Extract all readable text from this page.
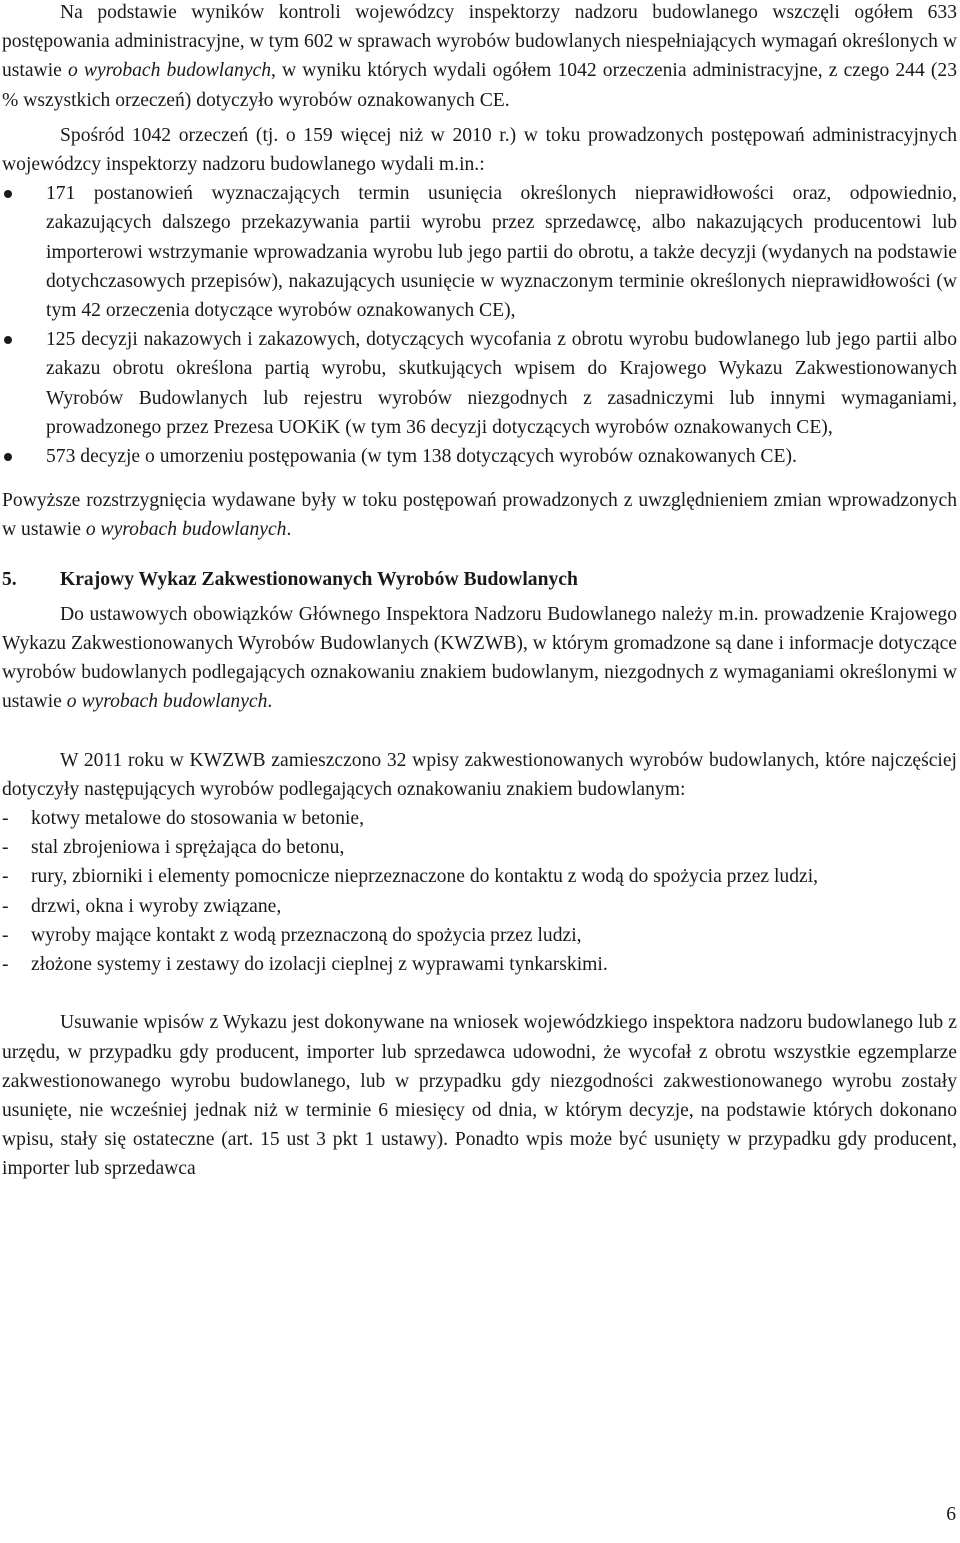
Na podstawie wyników kontroli wojewódzcy inspektorzy nadzoru budowlanego wszczęli ogółem 633 postępowania administracyjne, w tym 602 w sprawach wyrobów budowlanych niespełniających wymagań określonych w ustawie o wyrobach budowlanych, w wyniku których wydali ogółem 1042 orzeczenia administracyjne, z czego 244 (23 % wszystkich orzeczeń) dotyczyło wyrobów oznakowanych CE.

Spośród 1042 orzeczeń (tj. o 159 więcej niż w 2010 r.) w toku prowadzonych postępowań administracyjnych wojewódzcy inspektorzy nadzoru budowlanego wydali m.in.:

171 postanowień wyznaczających termin usunięcia określonych nieprawidłowości oraz, odpowiednio, zakazujących dalszego przekazywania partii wyrobu przez sprzedawcę, albo nakazujących producentowi lub importerowi wstrzymanie wprowadzania wyrobu lub jego partii do obrotu, a także decyzji (wydanych na podstawie dotychczasowych przepisów), nakazujących usunięcie w wyznaczonym terminie określonych nieprawidłowości (w tym 42 orzeczenia dotyczące wyrobów oznakowanych CE),
125 decyzji nakazowych i zakazowych, dotyczących wycofania z obrotu wyrobu budowlanego lub jego partii albo zakazu obrotu określona partią wyrobu, skutkujących wpisem do Krajowego Wykazu Zakwestionowanych Wyrobów Budowlanych lub rejestru wyrobów niezgodnych z zasadniczymi lub innymi wymaganiami, prowadzonego przez Prezesa UOKiK (w tym 36 decyzji dotyczących wyrobów oznakowanych CE),
573 decyzje o umorzeniu postępowania (w tym 138 dotyczących wyrobów oznakowanych CE).

Powyższe rozstrzygnięcia wydawane były w toku postępowań prowadzonych z uwzględnieniem zmian wprowadzonych w ustawie o wyrobach budowlanych.

5. Krajowy Wykaz Zakwestionowanych Wyrobów Budowlanych

Do ustawowych obowiązków Głównego Inspektora Nadzoru Budowlanego należy m.in. prowadzenie Krajowego Wykazu Zakwestionowanych Wyrobów Budowlanych (KWZWB), w którym gromadzone są dane i informacje dotyczące wyrobów budowlanych podlegających oznakowaniu znakiem budowlanym, niezgodnych z wymaganiami określonymi w ustawie o wyrobach budowlanych.

W 2011 roku w KWZWB zamieszczono 32 wpisy zakwestionowanych wyrobów budowlanych, które najczęściej dotyczyły następujących wyrobów podlegających oznakowaniu znakiem budowlanym:

- kotwy metalowe do stosowania w betonie,
- stal zbrojeniowa i sprężająca do betonu,
- rury, zbiorniki i elementy pomocnicze nieprzeznaczone do kontaktu z wodą do spożycia przez ludzi,
- drzwi, okna i wyroby związane,
- wyroby mające kontakt z wodą przeznaczoną do spożycia przez ludzi,
- złożone systemy i zestawy do izolacji cieplnej z wyprawami tynkarskimi.

Usuwanie wpisów z Wykazu jest dokonywane na wniosek wojewódzkiego inspektora nadzoru budowlanego lub z urzędu, w przypadku gdy producent, importer lub sprzedawca udowodni, że wycofał z obrotu wszystkie egzemplarze zakwestionowanego wyrobu budowlanego, lub w przypadku gdy niezgodności zakwestionowanego wyrobu zostały usunięte, nie wcześniej jednak niż w terminie 6 miesięcy od dnia, w którym decyzje, na podstawie których dokonano wpisu, stały się ostateczne (art. 15 ust 3 pkt 1 ustawy). Ponadto wpis może być usunięty w przypadku gdy producent, importer lub sprzedawca

6
